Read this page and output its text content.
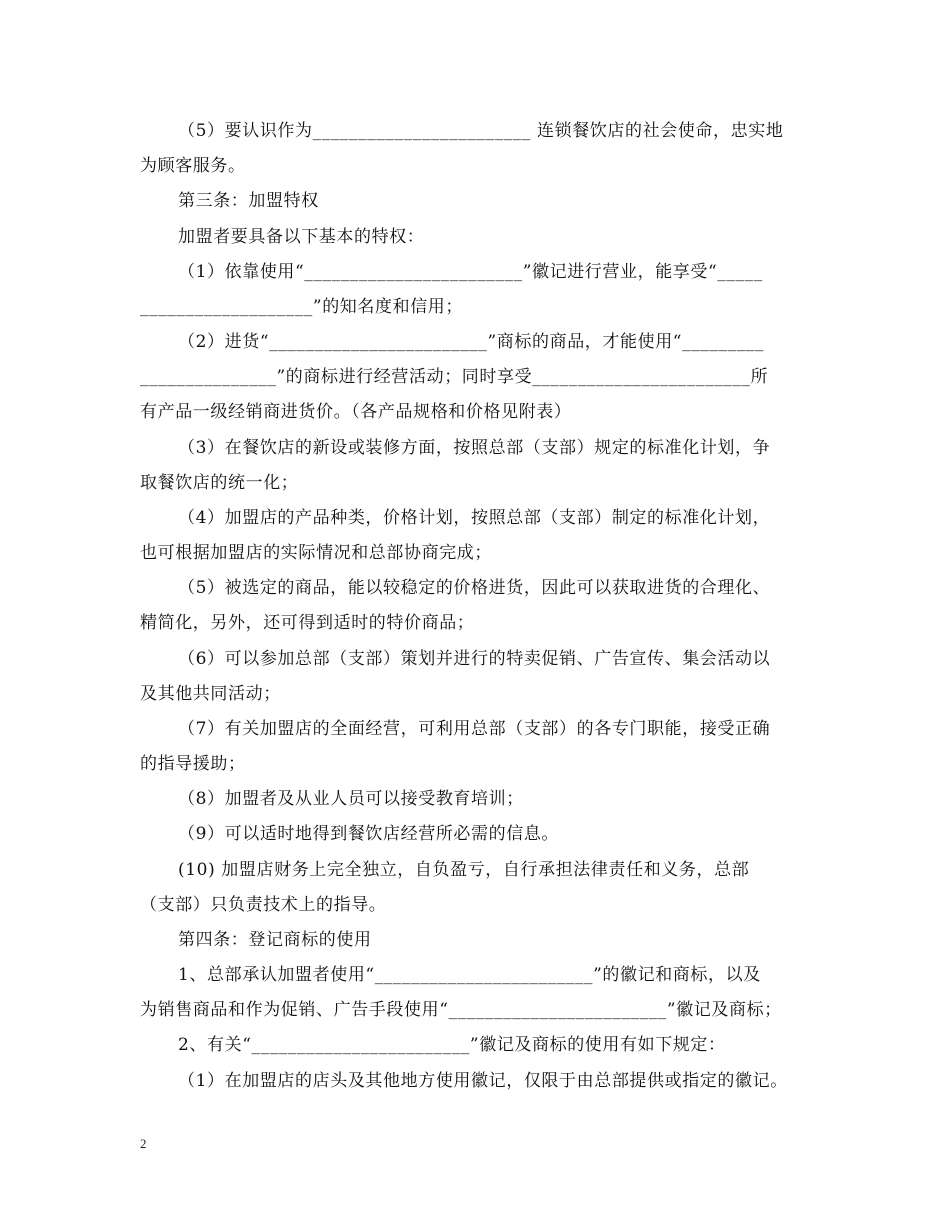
（5）要认识作为________________________ 连锁餐饮店的社会使命，忠实地
为顾客服务。
第三条：加盟特权
加盟者要具备以下基本的特权：
（1）依靠使用“________________________”徽记进行营业，能享受“_____
___________________”的知名度和信用；
（2）进货“________________________”商标的商品，才能使用“_________
_______________”的商标进行经营活动；同时享受________________________所
有产品一级经销商进货价。（各产品规格和价格见附表）
（3）在餐饮店的新设或装修方面，按照总部（支部）规定的标准化计划，争
取餐饮店的统一化；
（4）加盟店的产品种类，价格计划，按照总部（支部）制定的标准化计划，
也可根据加盟店的实际情况和总部协商完成；
（5）被选定的商品，能以较稳定的价格进货，因此可以获取进货的合理化、
精简化，另外，还可得到适时的特价商品；
（6）可以参加总部（支部）策划并进行的特卖促销、广告宣传、集会活动以
及其他共同活动；
（7）有关加盟店的全面经营，可利用总部（支部）的各专门职能，接受正确
的指导援助；
（8）加盟者及从业人员可以接受教育培训；
（9）可以适时地得到餐饮店经营所必需的信息。
(10) 加盟店财务上完全独立，自负盈亏，自行承担法律责任和义务，总部
（支部）只负责技术上的指导。
第四条：登记商标的使用
1、总部承认加盟者使用“________________________”的徽记和商标，以及
为销售商品和作为促销、广告手段使用“________________________”徽记及商标；
2、有关“________________________”徽记及商标的使用有如下规定：
（1）在加盟店的店头及其他地方使用徽记，仅限于由总部提供或指定的徽记。
2
